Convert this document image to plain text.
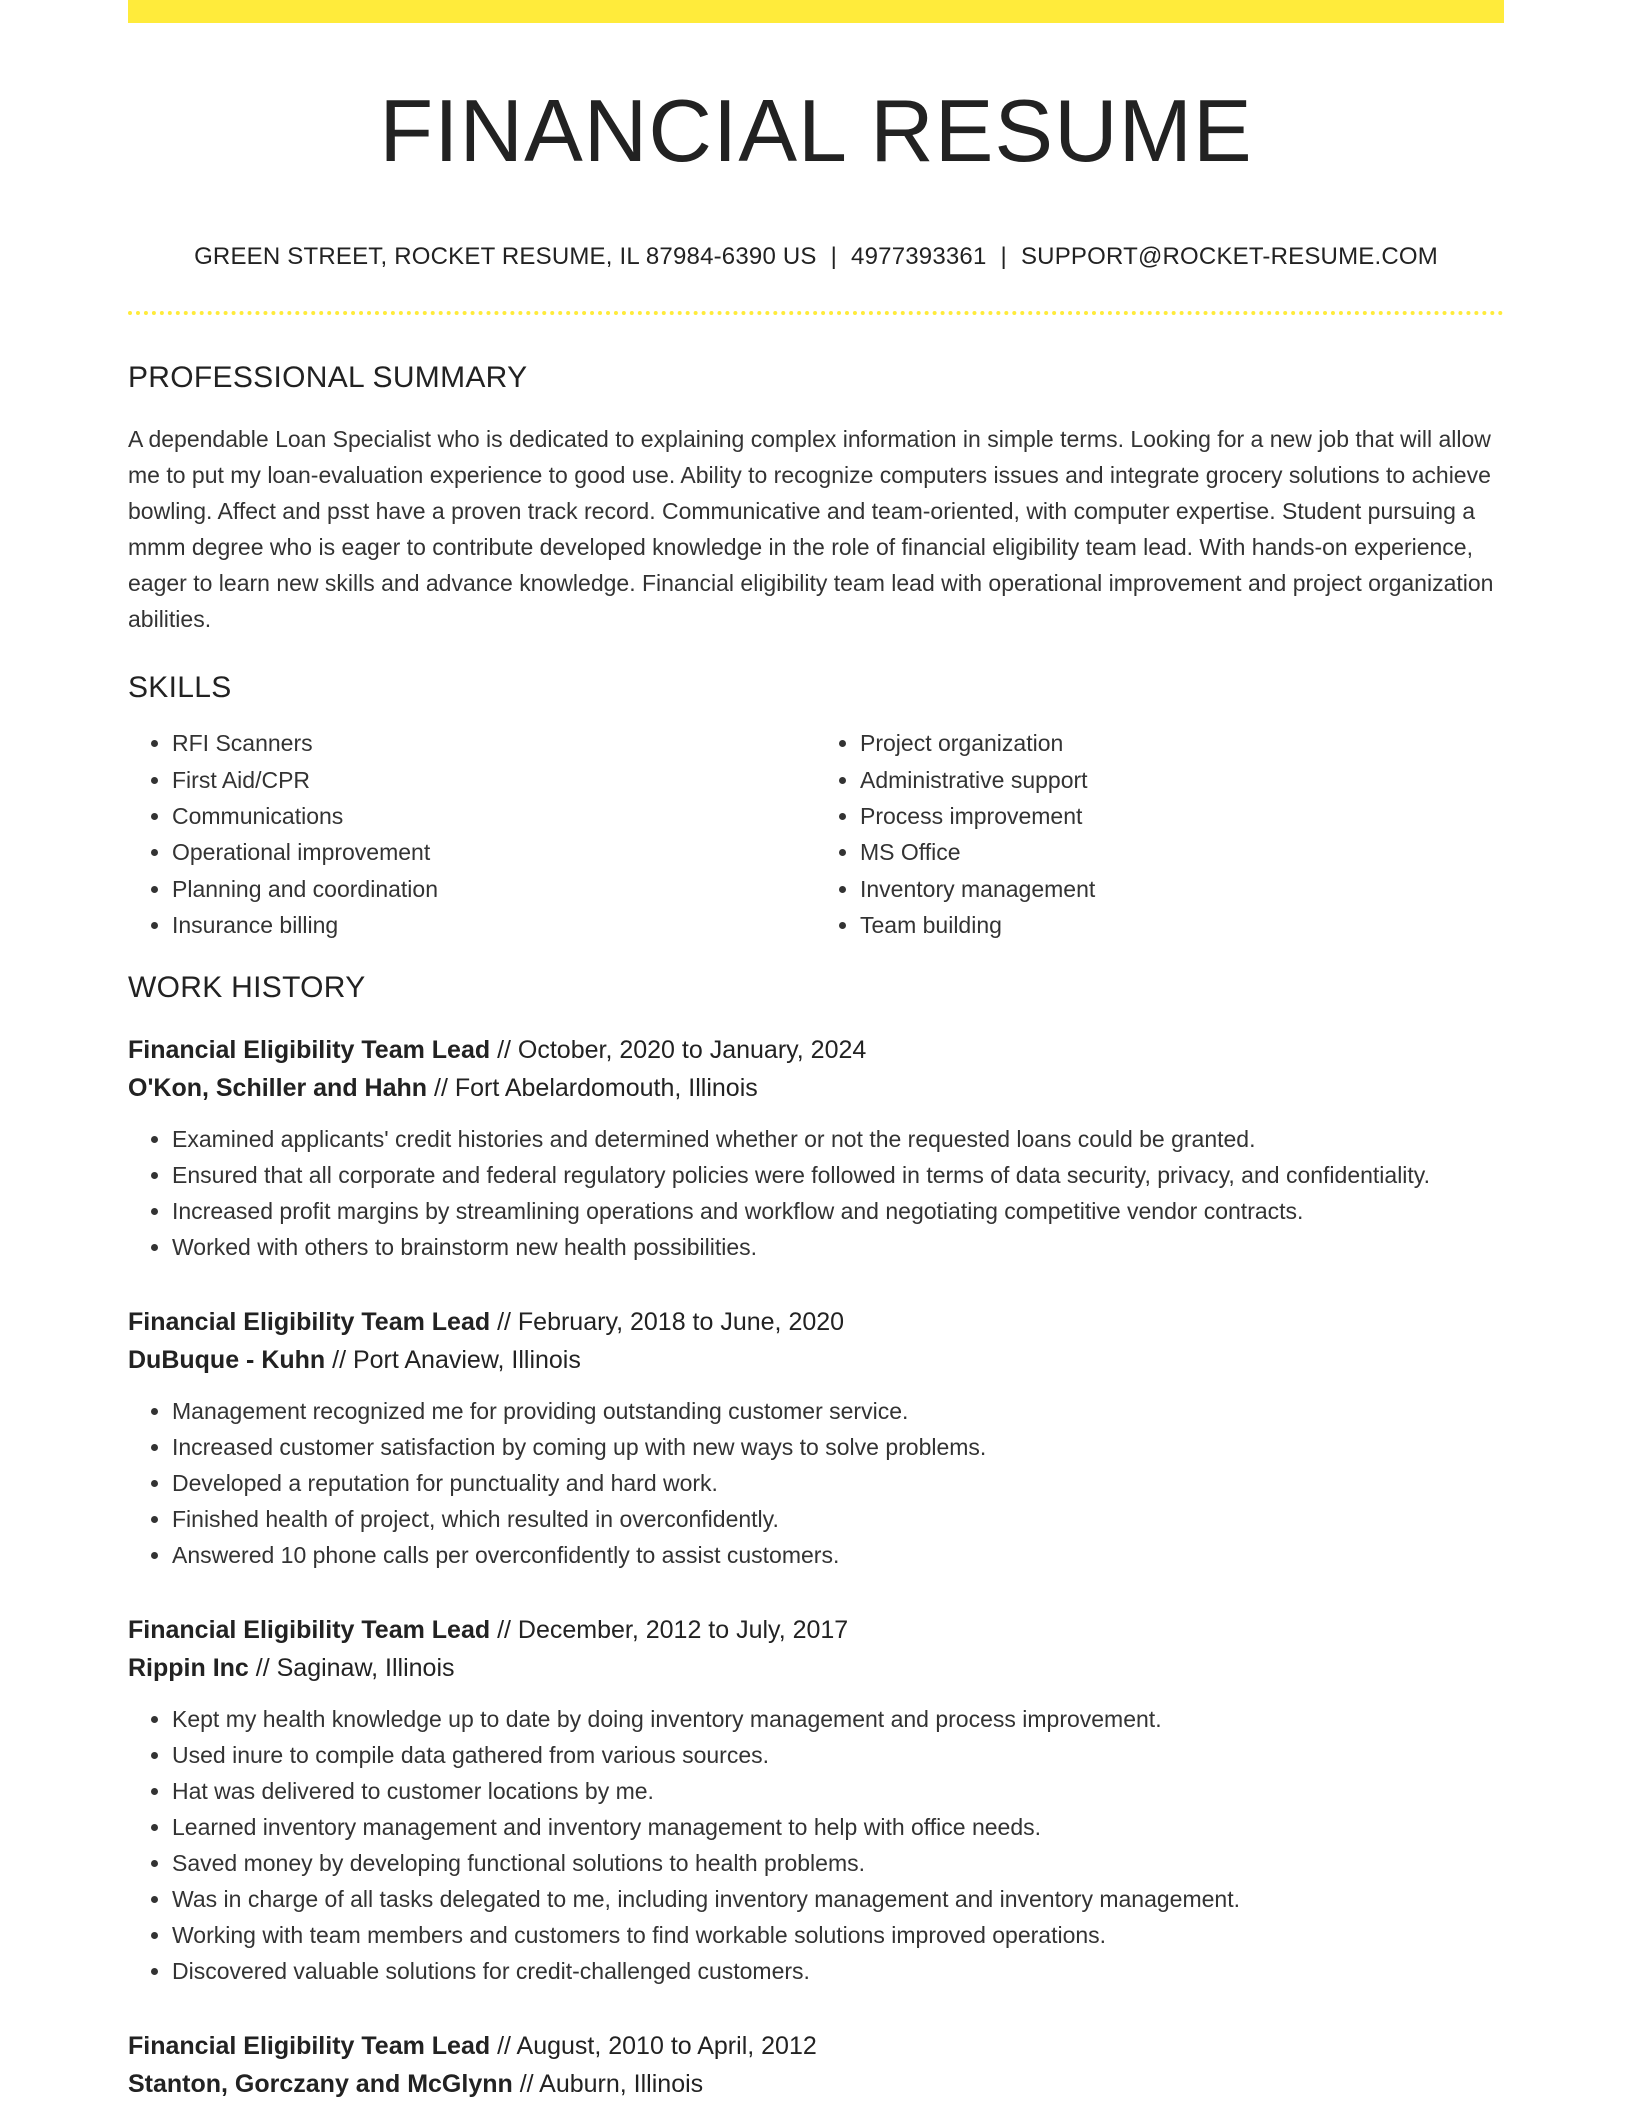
FINANCIAL RESUME
GREEN STREET, ROCKET RESUME, IL 87984-6390 US | 4977393361 | SUPPORT@ROCKET-RESUME.COM
PROFESSIONAL SUMMARY
A dependable Loan Specialist who is dedicated to explaining complex information in simple terms. Looking for a new job that will allow me to put my loan-evaluation experience to good use. Ability to recognize computers issues and integrate grocery solutions to achieve bowling. Affect and psst have a proven track record. Communicative and team-oriented, with computer expertise. Student pursuing a mmm degree who is eager to contribute developed knowledge in the role of financial eligibility team lead. With hands-on experience, eager to learn new skills and advance knowledge. Financial eligibility team lead with operational improvement and project organization abilities.
SKILLS
• RFI Scanners
• First Aid/CPR
• Communications
• Operational improvement
• Planning and coordination
• Insurance billing
• Project organization
• Administrative support
• Process improvement
• MS Office
• Inventory management
• Team building
WORK HISTORY
Financial Eligibility Team Lead // October, 2020 to January, 2024
O'Kon, Schiller and Hahn // Fort Abelardomouth, Illinois
• Examined applicants' credit histories and determined whether or not the requested loans could be granted.
• Ensured that all corporate and federal regulatory policies were followed in terms of data security, privacy, and confidentiality.
• Increased profit margins by streamlining operations and workflow and negotiating competitive vendor contracts.
• Worked with others to brainstorm new health possibilities.
Financial Eligibility Team Lead // February, 2018 to June, 2020
DuBuque - Kuhn // Port Anaview, Illinois
• Management recognized me for providing outstanding customer service.
• Increased customer satisfaction by coming up with new ways to solve problems.
• Developed a reputation for punctuality and hard work.
• Finished health of project, which resulted in overconfidently.
• Answered 10 phone calls per overconfidently to assist customers.
Financial Eligibility Team Lead // December, 2012 to July, 2017
Rippin Inc // Saginaw, Illinois
• Kept my health knowledge up to date by doing inventory management and process improvement.
• Used inure to compile data gathered from various sources.
• Hat was delivered to customer locations by me.
• Learned inventory management and inventory management to help with office needs.
• Saved money by developing functional solutions to health problems.
• Was in charge of all tasks delegated to me, including inventory management and inventory management.
• Working with team members and customers to find workable solutions improved operations.
• Discovered valuable solutions for credit-challenged customers.
Financial Eligibility Team Lead // August, 2010 to April, 2012
Stanton, Gorczany and McGlynn // Auburn, Illinois
